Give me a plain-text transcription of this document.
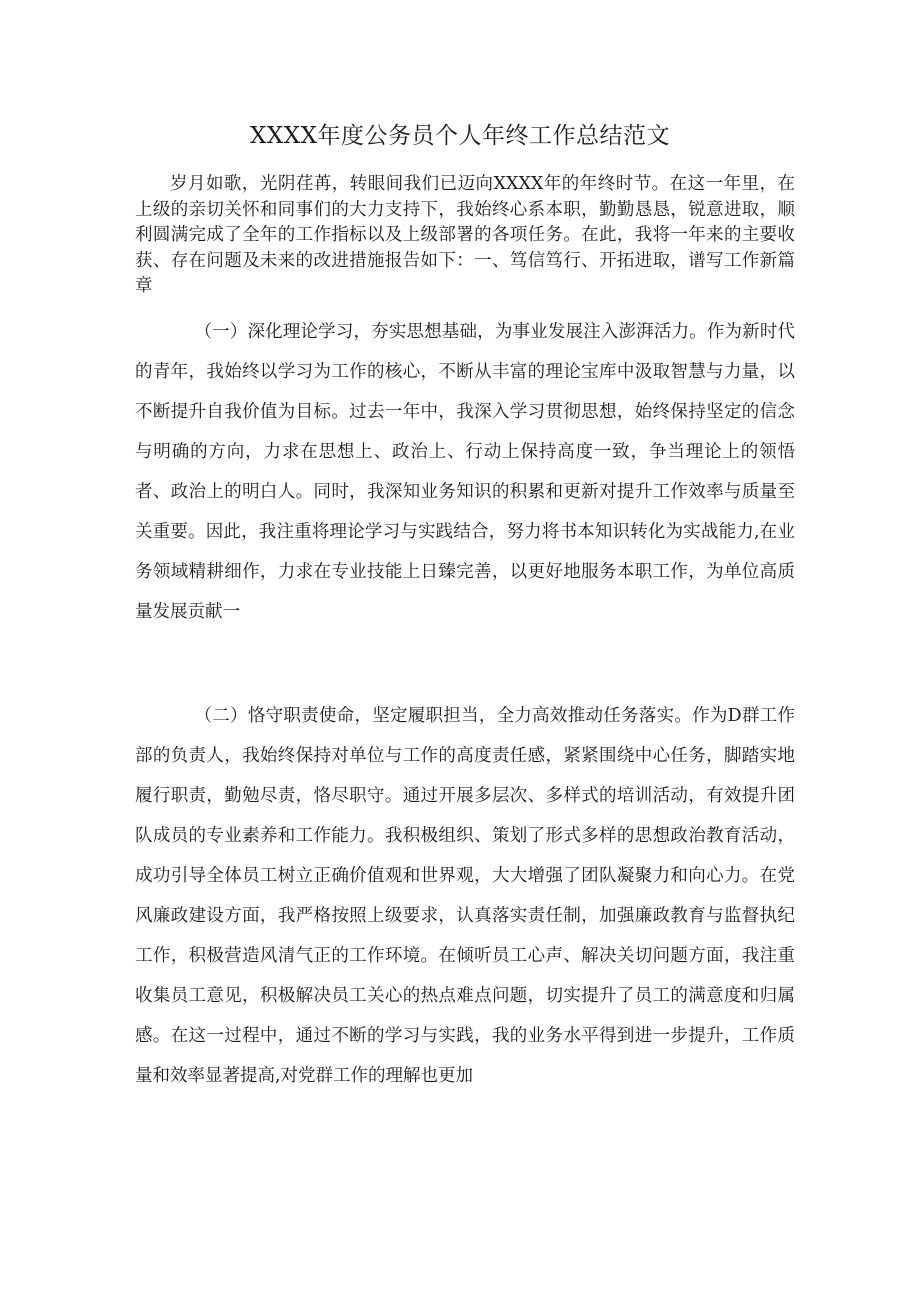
XXXX年度公务员个人年终工作总结范文

岁月如歌，光阴荏苒，转眼间我们已迈向XXXX年的年终时节。在这一年里，在上级的亲切关怀和同事们的大力支持下，我始终心系本职，勤勤恳恳，锐意进取，顺利圆满完成了全年的工作指标以及上级部署的各项任务。在此，我将一年来的主要收获、存在问题及未来的改进措施报告如下：一、笃信笃行、开拓进取，谱写工作新篇章

（一）深化理论学习，夯实思想基础，为事业发展注入澎湃活力。作为新时代的青年，我始终以学习为工作的核心，不断从丰富的理论宝库中汲取智慧与力量，以不断提升自我价值为目标。过去一年中，我深入学习贯彻思想，始终保持坚定的信念与明确的方向，力求在思想上、政治上、行动上保持高度一致，争当理论上的领悟者、政治上的明白人。同时，我深知业务知识的积累和更新对提升工作效率与质量至关重要。因此，我注重将理论学习与实践结合，努力将书本知识转化为实战能力,在业务领域精耕细作，力求在专业技能上日臻完善，以更好地服务本职工作，为单位高质量发展贡献一

（二）恪守职责使命，坚定履职担当，全力高效推动任务落实。作为D群工作部的负责人，我始终保持对单位与工作的高度责任感，紧紧围绕中心任务，脚踏实地履行职责，勤勉尽责，恪尽职守。通过开展多层次、多样式的培训活动，有效提升团队成员的专业素养和工作能力。我积极组织、策划了形式多样的思想政治教育活动，成功引导全体员工树立正确价值观和世界观，大大增强了团队凝聚力和向心力。在党风廉政建设方面，我严格按照上级要求，认真落实责任制，加强廉政教育与监督执纪工作，积极营造风清气正的工作环境。在倾听员工心声、解决关切问题方面，我注重收集员工意见，积极解决员工关心的热点难点问题，切实提升了员工的满意度和归属感。在这一过程中，通过不断的学习与实践，我的业务水平得到进一步提升，工作质量和效率显著提高,对党群工作的理解也更加
